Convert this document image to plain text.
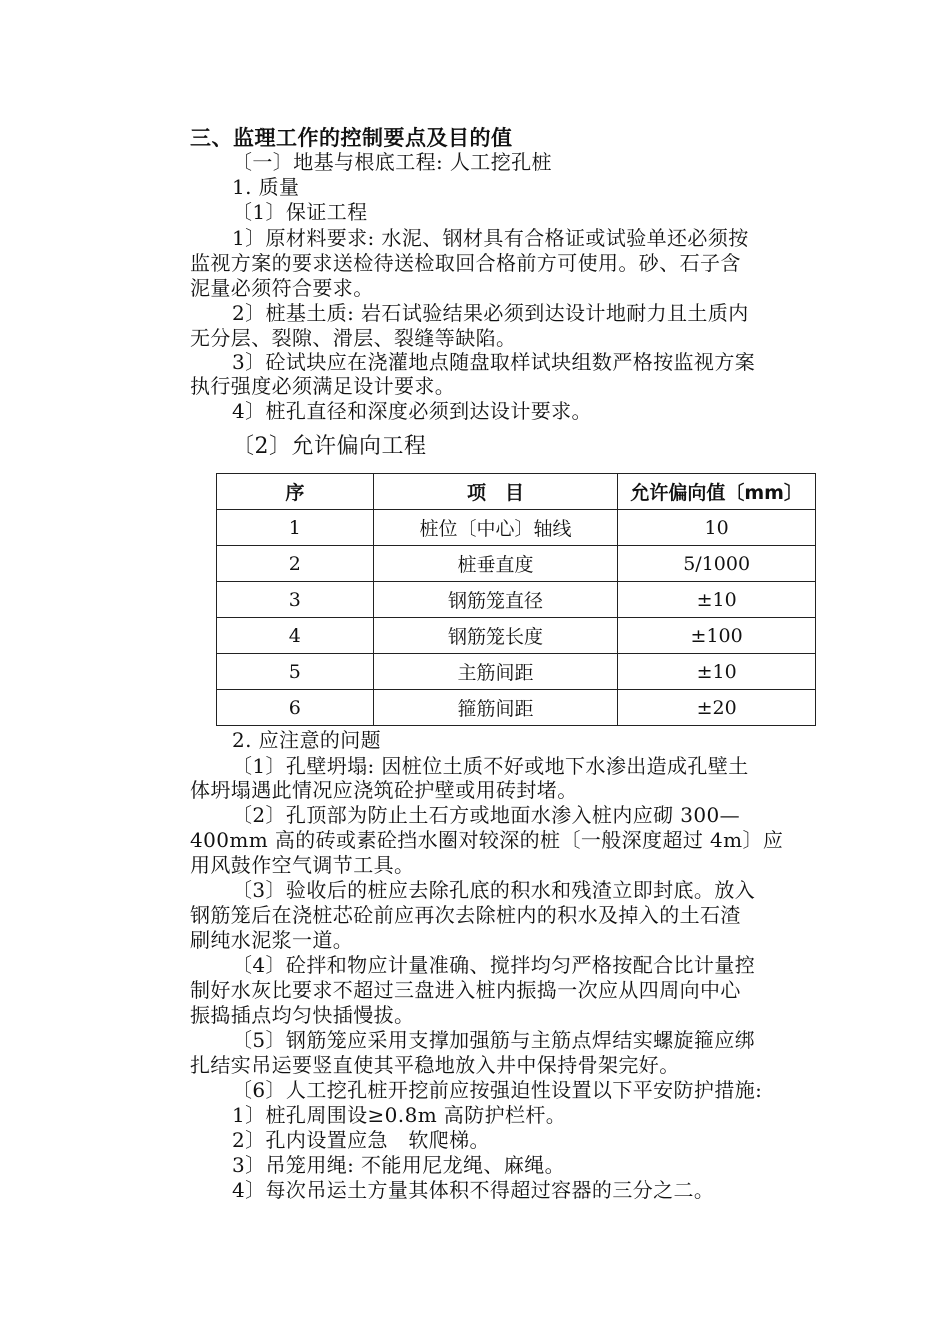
三、监理工作的控制要点及目的值
〔一〕地基与根底工程: 人工挖孔桩
1. 质量
〔1〕保证工程
1〕原材料要求: 水泥、钢材具有合格证或试验单还必须按
监视方案的要求送检待送检取回合格前方可使用。砂、石子含
泥量必须符合要求。
2〕桩基土质: 岩石试验结果必须到达设计地耐力且土质内
无分层、裂隙、滑层、裂缝等缺陷。
3〕砼试块应在浇灌地点随盘取样试块组数严格按监视方案
执行强度必须满足设计要求。
4〕桩孔直径和深度必须到达设计要求。
〔2〕允许偏向工程
序	项　目	允许偏向值〔mm〕
1	桩位〔中心〕轴线	10
2	桩垂直度	5/1000
3	钢筋笼直径	±10
4	钢筋笼长度	±100
5	主筋间距	±10
6	箍筋间距	±20
2. 应注意的问题
〔1〕孔壁坍塌: 因桩位土质不好或地下水渗出造成孔壁土
体坍塌遇此情况应浇筑砼护壁或用砖封堵。
〔2〕孔顶部为防止土石方或地面水渗入桩内应砌 300—
400mm 高的砖或素砼挡水圈对较深的桩〔一般深度超过 4m〕应
用风鼓作空气调节工具。
〔3〕验收后的桩应去除孔底的积水和残渣立即封底。放入
钢筋笼后在浇桩芯砼前应再次去除桩内的积水及掉入的土石渣
刷纯水泥浆一道。
〔4〕砼拌和物应计量准确、搅拌均匀严格按配合比计量控
制好水灰比要求不超过三盘进入桩内振捣一次应从四周向中心
振捣插点均匀快插慢拔。
〔5〕钢筋笼应采用支撑加强筋与主筋点焊结实螺旋箍应绑
扎结实吊运要竖直使其平稳地放入井中保持骨架完好。
〔6〕人工挖孔桩开挖前应按强迫性设置以下平安防护措施:
1〕桩孔周围设≥0.8m 高防护栏杆。
2〕孔内设置应急　软爬梯。
3〕吊笼用绳: 不能用尼龙绳、麻绳。
4〕每次吊运土方量其体积不得超过容器的三分之二。
